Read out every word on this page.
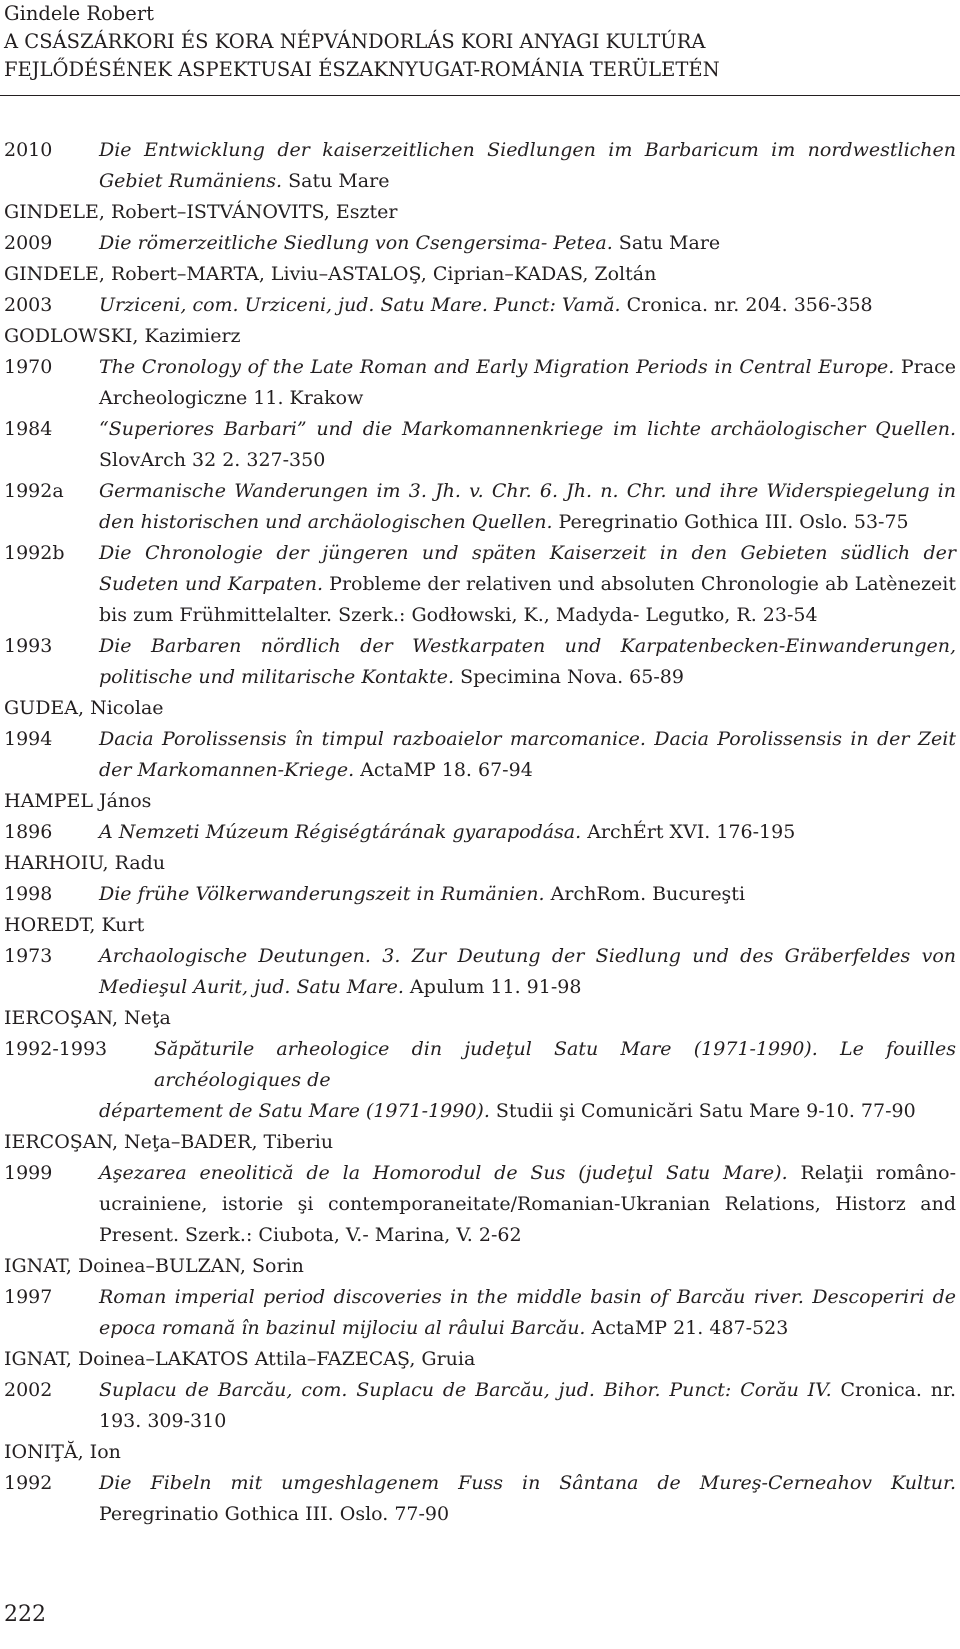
Gindele Robert
A CSÁSZÁRKORI ÉS KORA NÉPVÁNDORLÁS KORI ANYAGI KULTÚRA
FEJLŐDÉSÉNEK ASPEKTUSAI ÉSZAKNYUGAT-ROMÁNIA TERÜLETÉN
2010 Die Entwicklung der kaiserzeitlichen Siedlungen im Barbaricum im nordwestlichen Gebiet Rumäniens. Satu Mare
GINDELE, Robert–ISTVÁNOVITS, Eszter
2009 Die römerzeitliche Siedlung von Csengersima- Petea. Satu Mare
GINDELE, Robert–MARTA, Liviu–ASTALOŞ, Ciprian–KADAS, Zoltán
2003 Urziceni, com. Urziceni, jud. Satu Mare. Punct: Vamă. Cronica. nr. 204. 356-358
GODLOWSKI, Kazimierz
1970 The Cronology of the Late Roman and Early Migration Periods in Central Europe. Prace Archeologiczne 11. Krakow
1984 “Superiores Barbari” und die Markomannenkriege im lichte archäologischer Quellen. SlovArch 32 2. 327-350
1992a Germanische Wanderungen im 3. Jh. v. Chr. 6. Jh. n. Chr. und ihre Widerspiegelung in den historischen und archäologischen Quellen. Peregrinatio Gothica III. Oslo. 53-75
1992b Die Chronologie der jüngeren und späten Kaiserzeit in den Gebieten südlich der Sudeten und Karpaten. Probleme der relativen und absoluten Chronologie ab Latènezeit bis zum Frühmittelalter. Szerk.: Godłowski, K., Madyda- Legutko, R. 23-54
1993 Die Barbaren nördlich der Westkarpaten und Karpatenbecken-Einwanderungen, politische und militarische Kontakte. Specimina Nova. 65-89
GUDEA, Nicolae
1994 Dacia Porolissensis în timpul razboaielor marcomanice. Dacia Porolissensis in der Zeit der Markomannen-Kriege. ActaMP 18. 67-94
HAMPEL János
1896 A Nemzeti Múzeum Régiségtárának gyarapodása. ArchÉrt XVI. 176-195
HARHOIU, Radu
1998 Die frühe Völkerwanderungszeit in Rumänien. ArchRom. Bucureşti
HOREDT, Kurt
1973 Archaologische Deutungen. 3. Zur Deutung der Siedlung und des Gräberfeldes von Medieşul Aurit, jud. Satu Mare. Apulum 11. 91-98
IERCOŞAN, Neţa
1992-1993 Săpăturile arheologice din judeţul Satu Mare (1971-1990). Le fouilles archéologiques de
département de Satu Mare (1971-1990). Studii şi Comunicări Satu Mare 9-10. 77-90
IERCOŞAN, Neţa–BADER, Tiberiu
1999 Aşezarea eneolitică de la Homorodul de Sus (judeţul Satu Mare). Relaţii româno-ucrainiene, istorie şi contemporaneitate/Romanian-Ukranian Relations, Historz and Present. Szerk.: Ciubota, V.- Marina, V. 2-62
IGNAT, Doinea–BULZAN, Sorin
1997 Roman imperial period discoveries in the middle basin of Barcău river. Descoperiri de epoca romană în bazinul mijlociu al râului Barcău. ActaMP 21. 487-523
IGNAT, Doinea–LAKATOS Attila–FAZECAŞ, Gruia
2002 Suplacu de Barcău, com. Suplacu de Barcău, jud. Bihor. Punct: Corău IV. Cronica. nr. 193. 309-310
IONIŢĂ, Ion
1992 Die Fibeln mit umgeshlagenem Fuss in Sântana de Mureş-Cerneahov Kultur. Peregrinatio Gothica III. Oslo. 77-90
222
